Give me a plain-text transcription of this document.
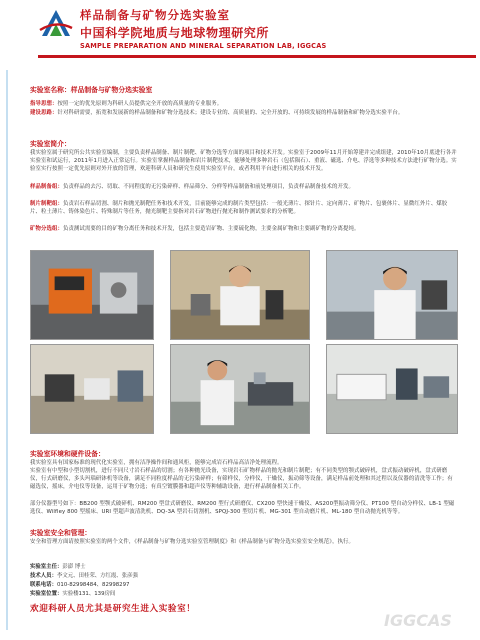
样品制备与矿物分选实验室
中国科学院地质与地球物理研究所
SAMPLE PREPARATION AND MINERAL SEPARATION LAB, IGGCAS
实验室名称：样品制备与矿物分选实验室
指导思想：按照一定的优先原则为科研人员提供完全开放的高质量的专业服务。
建设思路：针对科研需要，拓宽和发展新的样品制备和矿物分选技术；建设专业的、高质量的、完全开放的、可持续发展的样品制备和矿物分选实验平台。
实验室简介：
我实验室属于研究所公共实验室编制，主要负责样品制备、制片制靶、矿物分选等方面的项目和技术开发。实验室于2009年11月开始筹建并完成组建，2010年10月底进行各并实验室和试运行，2011年1月进入正常运行。实验室掌握样品制备和岩片制靶技术，能够处理多种岩石（包括陨石）、重液、磁选、介电、浮选等多种技术方法进行矿物分选。实验室实行按照一定优先原则对外开放的管理，欢迎科研人员和研究生使用实验室平台，或者利用平台进行相关的技术开发。
样品制备组：负责样品的去污、切取、不同程度的无污染碎样、样品筛分、分样等样品制备和前处理项目，负责样品制备技术的开发。
制片制靶组：负责岩石样品切割、制片和抛光制靶任务和技术开发，目前能够完成的制片类型包括：一般光薄片、探针片、定向薄片、矿物片、包裹体片、显微红外片、煤胶片、粒土薄片、铸体染色片、特殊制片等任务，抛光制靶主要指对岩石矿物进行抛光和制作测试要求的分析靶。
矿物分选组：负责测试需要的目的矿物分离任务和技术开发，包括主要造岩矿物、主要硫化物，主要金属矿物和主要副矿物的分离提纯。
实验室环境和硬件设备：
我实验室具有国家标准的现代化实验室，拥有洁净操作间和通风柜，能够完成岩石样品高洁净处理流程。
实验室有中型和小型切割机，进行不同尺寸岩石样品的切割；有各种抛光设备，实现岩石矿物样品的抛光和制片制靶；有不同类型的颚式破碎机，盘式振动破碎机，盘式研磨仪，行式研磨仪，多头玛瑙研钵机等设备，满足不同粒度样品的无污染碎样；有筛样仪，分样仪，干燥仪，振动筛等设备，满足样品前处理和其过程以及仪器的清洗等工作；有磁选仪，摇床，介电仪等设备，运用于矿物分选；有真空镀膜器和超声仪等种辅助设备，进行样品制备相关工作。
部分仪器型号如下：BB200 型颚式破碎机、RM200 型盘式研磨仪、RM200 型行式研磨仪、CX200 型快速干燥仪、AS200型振动筛分仪、PT100 型自动分样仪、LB-1 型磁选仪、Wilfley 800 型摇床、URI 型超声波清洗机、DQ-3A 型岩石切割机、SPQJ-300 型切片机、MG-301 型自动磨片机、ML-180 型自动抛光机等等。
实验室安全和管理：
安全和管理方面请按照实验室的两个文件，《样品制备与矿物分选实验室管理制度》和《样品制备与矿物分选实验室安全规范》，执行。
实验室主任：彭澎 博士
技术人员：李文元、田桂荣、方红霞、张彦强
联系电话：010-82998484、82998297
实验室位置：实验楼131、139房间
欢迎科研人员尤其是研究生进入实验室！
IGGCAS
